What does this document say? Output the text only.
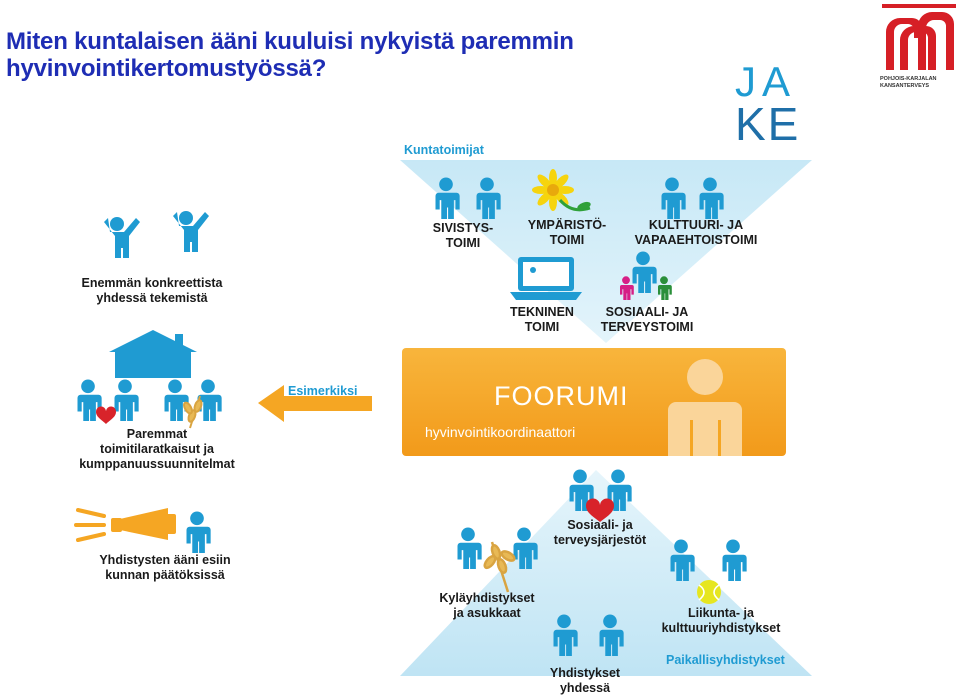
Miten kuntalaisen ääni kuuluisi nykyistä paremmin
hyvinvointikertomustyössä?	POHJOIS-KARJALAN
KANSANTERVEYS
JA
KE
Kuntatoimijat
SIVISTYS-
TOIMI
YMPÄRISTÖ-
TOIMI
KULTTUURI- JA
VAPAAEHTOISTOIMI
TEKNINEN
TOIMI
SOSIAALI- JA
TERVEYSTOIMI
FOORUMI
hyvinvointikoordinaattori
Esimerkiksi
Enemmän konkreettista
yhdessä tekemistä
Paremmat
toimitilaratkaisut ja
kumppanuussuunnitelmat
Yhdistysten ääni esiin
kunnan päätöksissä
Sosiaali- ja
terveysjärjestöt
Kyläyhdistykset
ja asukkaat	Liikunta- ja
kulttuuriyhdistykset
Yhdistykset
yhdessä
Paikallisyhdistykset
